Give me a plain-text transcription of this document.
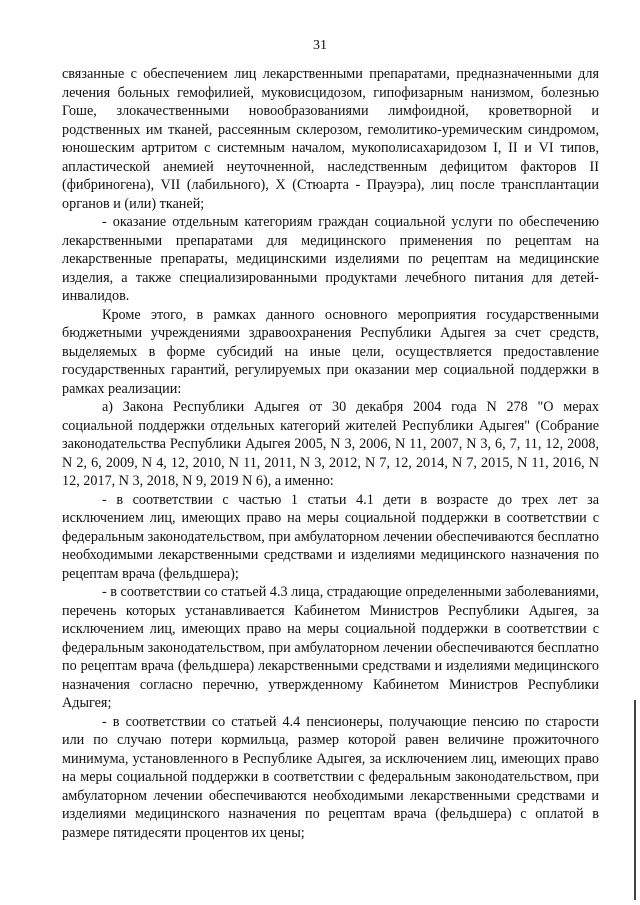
31

связанные с обеспечением лиц лекарственными препаратами, предназначенными для лечения больных гемофилией, муковисцидозом, гипофизарным нанизмом, болезнью Гоше, злокачественными новообразованиями лимфоидной, кроветворной и родственных им тканей, рассеянным склерозом, гемолитико-уремическим синдромом, юношеским артритом с системным началом, мукополисахаридозом I, II и VI типов, апластической анемией неуточненной, наследственным дефицитом факторов II (фибриногена), VII (лабильного), X (Стюарта - Прауэра), лиц после трансплантации органов и (или) тканей;

- оказание отдельным категориям граждан социальной услуги по обеспечению лекарственными препаратами для медицинского применения по рецептам на лекарственные препараты, медицинскими изделиями по рецептам на медицинские изделия, а также специализированными продуктами лечебного питания для детей-инвалидов.

Кроме этого, в рамках данного основного мероприятия государственными бюджетными учреждениями здравоохранения Республики Адыгея за счет средств, выделяемых в форме субсидий на иные цели, осуществляется предоставление государственных гарантий, регулируемых при оказании мер социальной поддержки в рамках реализации:

а) Закона Республики Адыгея от 30 декабря 2004 года N 278 "О мерах социальной поддержки отдельных категорий жителей Республики Адыгея" (Собрание законодательства Республики Адыгея 2005, N 3, 2006, N 11, 2007, N 3, 6, 7, 11, 12, 2008, N 2, 6, 2009, N 4, 12, 2010, N 11, 2011, N 3, 2012, N 7, 12, 2014, N 7, 2015, N 11, 2016, N 12, 2017, N 3, 2018, N 9, 2019 N 6), а именно:

- в соответствии с частью 1 статьи 4.1 дети в возрасте до трех лет за исключением лиц, имеющих право на меры социальной поддержки в соответствии с федеральным законодательством, при амбулаторном лечении обеспечиваются бесплатно необходимыми лекарственными средствами и изделиями медицинского назначения по рецептам врача (фельдшера);

- в соответствии со статьей 4.3 лица, страдающие определенными заболеваниями, перечень которых устанавливается Кабинетом Министров Республики Адыгея, за исключением лиц, имеющих право на меры социальной поддержки в соответствии с федеральным законодательством, при амбулаторном лечении обеспечиваются бесплатно по рецептам врача (фельдшера) лекарственными средствами и изделиями медицинского назначения согласно перечню, утвержденному Кабинетом Министров Республики Адыгея;

- в соответствии со статьей 4.4 пенсионеры, получающие пенсию по старости или по случаю потери кормильца, размер которой равен величине прожиточного минимума, установленного в Республике Адыгея, за исключением лиц, имеющих право на меры социальной поддержки в соответствии с федеральным законодательством, при амбулаторном лечении обеспечиваются необходимыми лекарственными средствами и изделиями медицинского назначения по рецептам врача (фельдшера) с оплатой в размере пятидесяти процентов их цены;
